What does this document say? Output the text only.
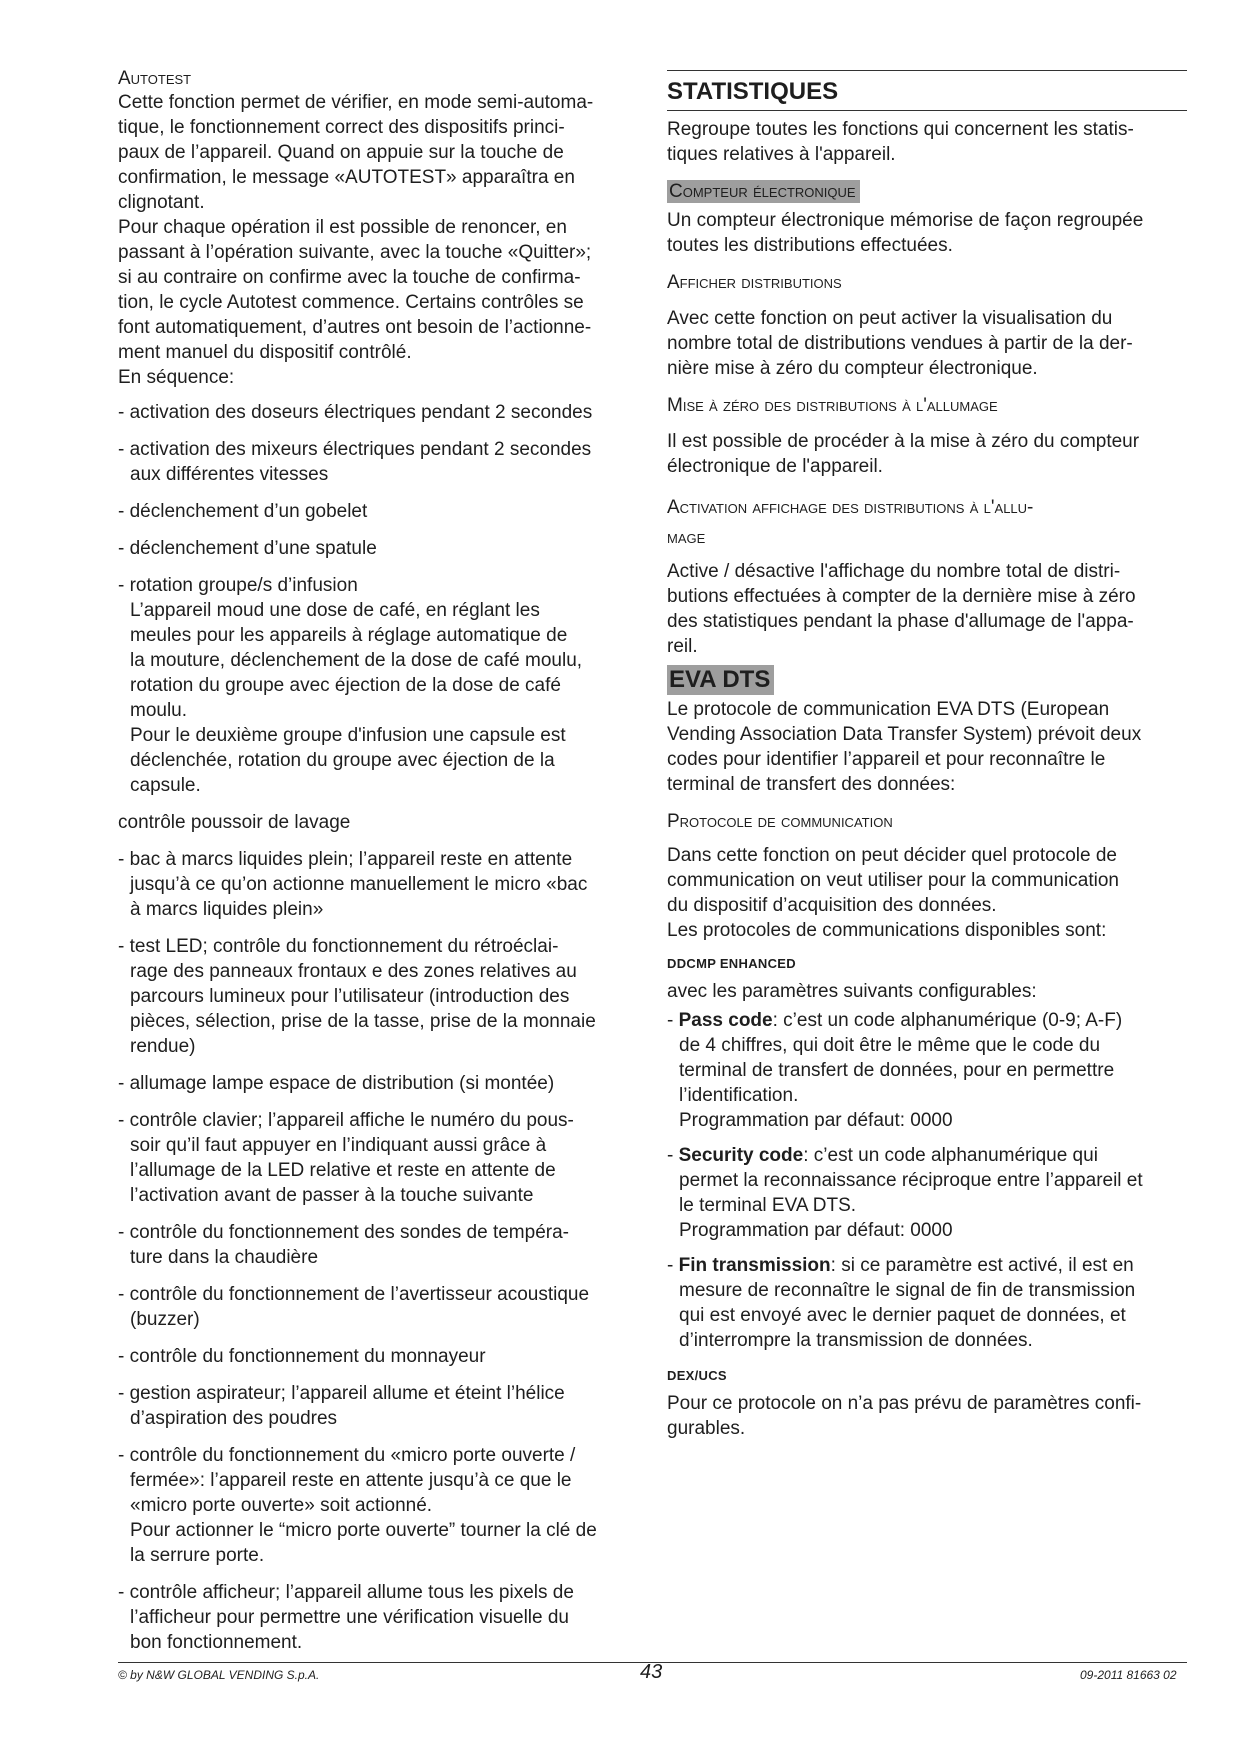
Autotest
Cette fonction permet de vérifier, en mode semi-automa-
tique, le fonctionnement correct des dispositifs princi-
paux de l’appareil. Quand on appuie sur la touche de
confirmation, le message «AUTOTEST» apparaîtra en
clignotant.
Pour chaque opération il est possible de renoncer, en
passant à l’opération suivante, avec la touche «Quitter»;
si au contraire on confirme avec la touche de confirma-
tion, le cycle Autotest commence. Certains contrôles se
font automatiquement, d’autres ont besoin de l’actionne-
ment manuel du dispositif contrôlé.
En séquence:
- activation des doseurs électriques pendant 2 secondes
- activation des mixeurs électriques pendant 2 secondes
aux différentes vitesses
- déclenchement d’un gobelet
- déclenchement d’une spatule
- rotation groupe/s d’infusion
L’appareil moud une dose de café, en réglant les
meules pour les appareils à réglage automatique de
la mouture, déclenchement de la dose de café moulu,
rotation du groupe avec éjection de la dose de café
moulu.
Pour le deuxième groupe d'infusion une capsule est
déclenchée, rotation du groupe avec éjection de la
capsule.
contrôle poussoir de lavage
- bac à marcs liquides plein; l’appareil reste en attente
jusqu’à ce qu’on actionne manuellement le micro «bac
à marcs liquides plein»
- test LED; contrôle du fonctionnement du rétroéclai-
rage des panneaux frontaux e des zones relatives au
parcours lumineux pour l’utilisateur (introduction des
pièces, sélection, prise de la tasse, prise de la monnaie
rendue)
- allumage lampe espace de distribution (si montée)
- contrôle clavier; l’appareil affiche le numéro du pous-
soir qu’il faut appuyer en l’indiquant aussi grâce à
l’allumage de la LED relative et reste en attente de
l’activation avant de passer à la touche suivante
- contrôle du fonctionnement des sondes de tempéra-
ture dans la chaudière
- contrôle du fonctionnement de l’avertisseur acoustique
(buzzer)
- contrôle du fonctionnement du monnayeur
- gestion aspirateur; l’appareil allume et éteint l’hélice
d’aspiration des poudres
- contrôle du fonctionnement du «micro porte ouverte /
fermée»: l’appareil reste en attente jusqu’à ce que le
«micro porte ouverte» soit actionné.
Pour actionner le “micro porte ouverte” tourner la clé de
la serrure porte.
- contrôle afficheur; l’appareil allume tous les pixels de
l’afficheur pour permettre une vérification visuelle du
bon fonctionnement.
STATISTIQUES
Regroupe toutes les fonctions qui concernent les statis-
tiques relatives à l'appareil.
Compteur électronique
Un compteur électronique mémorise de façon regroupée
toutes les distributions effectuées.
Afficher distributions
Avec cette fonction on peut activer la visualisation du
nombre total de distributions vendues à partir de la der-
nière mise à zéro du compteur électronique.
Mise à zéro des distributions à l'allumage
Il est possible de procéder à la mise à zéro du compteur
électronique de l'appareil.
Activation affichage des distributions à l'allu-
mage
Active / désactive l'affichage du nombre total de distri-
butions effectuées à compter de la dernière mise à zéro
des statistiques pendant la phase d'allumage de l'appa-
reil.
EVA DTS
Le protocole de communication EVA DTS (European
Vending Association Data Transfer System) prévoit deux
codes pour identifier l’appareil et pour reconnaître le
terminal de transfert des données:
Protocole de communication
Dans cette fonction on peut décider quel protocole de
communication on veut utiliser pour la communication
du dispositif d’acquisition des données.
Les protocoles de communications disponibles sont:
DDCMP ENHANCED
avec les paramètres suivants configurables:
- Pass code: c’est un code alphanumérique (0-9; A-F)
de 4 chiffres, qui doit être le même que le code du
terminal de transfert de données, pour en permettre
l’identification.
Programmation par défaut: 0000
- Security code: c’est un code alphanumérique qui
permet la reconnaissance réciproque entre l’appareil et
le terminal EVA DTS.
Programmation par défaut: 0000
- Fin transmission: si ce paramètre est activé, il est en
mesure de reconnaître le signal de fin de transmission
qui est envoyé avec le dernier paquet de données, et
d’interrompre la transmission de données.
DEX/UCS
Pour ce protocole on n’a pas prévu de paramètres confi-
gurables.
© by N&W GLOBAL VENDING S.p.A.	43	09-2011 81663 02
